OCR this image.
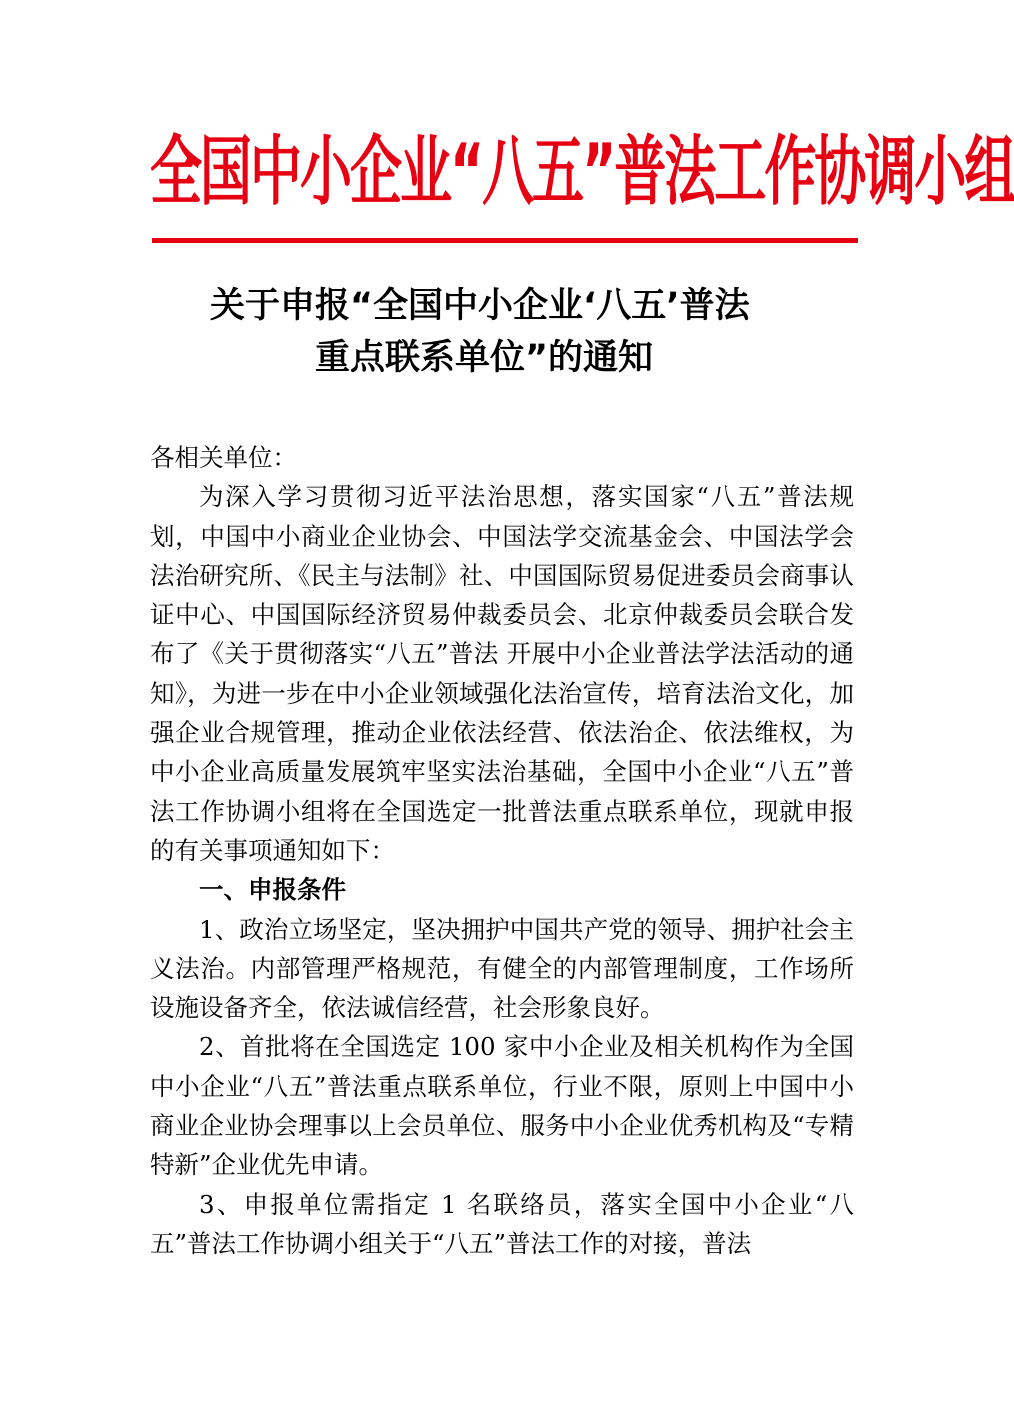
全国中小企业“八五”普法工作协调小组
关于申报“全国中小企业‘八五’普法
重点联系单位”的通知

各相关单位：

为深入学习贯彻习近平法治思想，落实国家“八五”普法规划，中国中小商业企业协会、中国法学交流基金会、中国法学会法治研究所、《民主与法制》社、中国国际贸易促进委员会商事认证中心、中国国际经济贸易仲裁委员会、北京仲裁委员会联合发布了《关于贯彻落实“八五”普法 开展中小企业普法学法活动的通知》，为进一步在中小企业领域强化法治宣传，培育法治文化，加强企业合规管理，推动企业依法经营、依法治企、依法维权，为中小企业高质量发展筑牢坚实法治基础，全国中小企业“八五”普法工作协调小组将在全国选定一批普法重点联系单位，现就申报的有关事项通知如下：

一、申报条件

1、政治立场坚定，坚决拥护中国共产党的领导、拥护社会主义法治。内部管理严格规范，有健全的内部管理制度，工作场所设施设备齐全，依法诚信经营，社会形象良好。

2、首批将在全国选定 100 家中小企业及相关机构作为全国中小企业“八五”普法重点联系单位，行业不限，原则上中国中小商业企业协会理事以上会员单位、服务中小企业优秀机构及“专精特新”企业优先申请。

3、申报单位需指定 1 名联络员，落实全国中小企业“八五”普法工作协调小组关于“八五”普法工作的对接，普法
